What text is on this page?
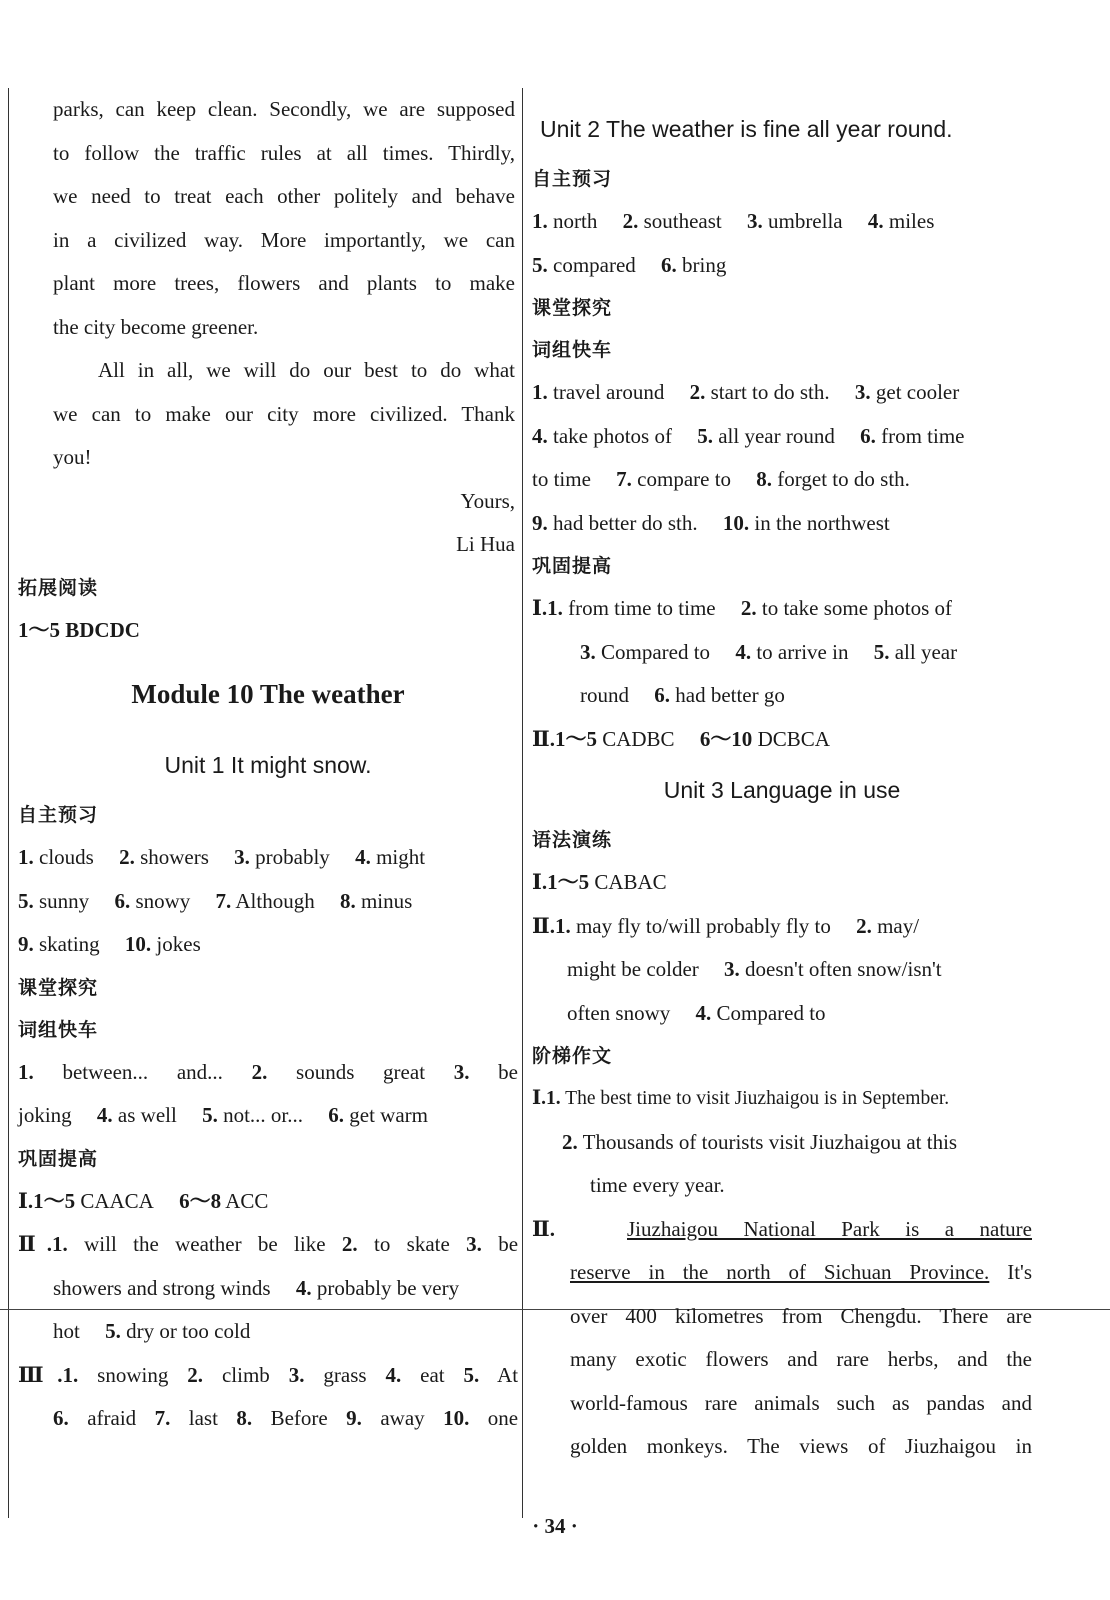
parks, can keep clean. Secondly, we are supposed

to follow the traffic rules at all times. Thirdly,

we need to treat each other politely and behave

in a civilized way. More importantly, we can

plant more trees, flowers and plants to make

the city become greener.

All in all, we will do our best to do what

we can to make our city more civilized. Thank

you!

Yours,

Li Hua

拓展阅读

1～5 BDCDC

Module 10 The weather

Unit 1 It might snow.

自主预习

1. clouds 2. showers 3. probably 4. might

5. sunny 6. snowy 7. Although 8. minus

9. skating 10. jokes

课堂探究

词组快车

1. between... and... 2. sounds great 3. be

joking 4. as well 5. not... or... 6. get warm

巩固提高

Ⅰ.1～5 CAACA 6～8 ACC

Ⅱ.1. will the weather be like 2. to skate 3. be

showers and strong winds 4. probably be very

hot 5. dry or too cold

Ⅲ.1. snowing 2. climb 3. grass 4. eat 5. At

6. afraid 7. last 8. Before 9. away 10. one

Unit 2 The weather is fine all year round.

自主预习

1. north 2. southeast 3. umbrella 4. miles

5. compared 6. bring

课堂探究

词组快车

1. travel around 2. start to do sth. 3. get cooler

4. take photos of 5. all year round 6. from time

to time 7. compare to 8. forget to do sth.

9. had better do sth. 10. in the northwest

巩固提高

Ⅰ.1. from time to time 2. to take some photos of

3. Compared to 4. to arrive in 5. all year

round 6. had better go

Ⅱ.1～5 CADBC 6～10 DCBCA

Unit 3 Language in use

语法演练

Ⅰ.1～5 CABAC

Ⅱ.1. may fly to/will probably fly to 2. may/

might be colder 3. doesn't often snow/isn't

often snowy 4. Compared to

阶梯作文

Ⅰ.1. The best time to visit Jiuzhaigou is in September.

2. Thousands of tourists visit Jiuzhaigou at this

time every year.

Ⅱ.	Jiuzhaigou National Park is a nature

reserve in the north of Sichuan Province. It's

over 400 kilometres from Chengdu. There are

many exotic flowers and rare herbs, and the

world-famous rare animals such as pandas and

golden monkeys. The views of Jiuzhaigou in

· 34 ·
